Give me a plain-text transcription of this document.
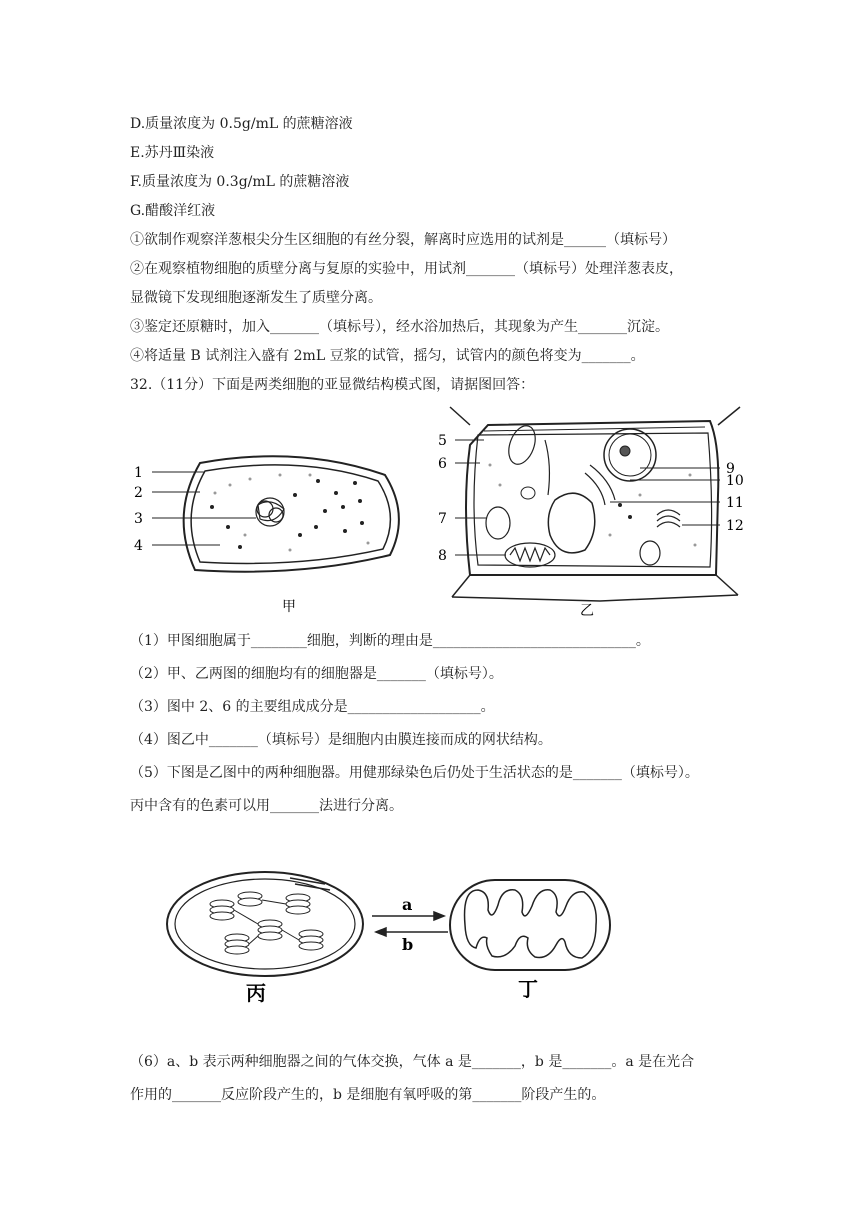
D.质量浓度为 0.5g/mL 的蔗糖溶液
E.苏丹Ⅲ染液
F.质量浓度为 0.3g/mL 的蔗糖溶液
G.醋酸洋红液
①欲制作观察洋葱根尖分生区细胞的有丝分裂，解离时应选用的试剂是______（填标号）
②在观察植物细胞的质壁分离与复原的实验中，用试剂_______（填标号）处理洋葱表皮，
显微镜下发现细胞逐渐发生了质壁分离。
③鉴定还原糖时，加入_______（填标号），经水浴加热后，其现象为产生_______沉淀。
④将适量 B 试剂注入盛有 2mL 豆浆的试管，摇匀，试管内的颜色将变为_______。
32.（11分）下面是两类细胞的亚显微结构模式图，请据图回答：
1
2
3
4
甲
5
6
7
8
9
10
11
12
乙
（1）甲图细胞属于________细胞，判断的理由是_____________________________。
（2）甲、乙两图的细胞均有的细胞器是_______（填标号）。
（3）图中 2、6 的主要组成成分是___________________。
（4）图乙中_______（填标号）是细胞内由膜连接而成的网状结构。
（5）下图是乙图中的两种细胞器。用健那绿染色后仍处于生活状态的是_______（填标号）。
丙中含有的色素可以用_______法进行分离。
a
b
丙	丁
（6）a、b 表示两种细胞器之间的气体交换，气体 a 是_______，b 是_______。a 是在光合
作用的_______反应阶段产生的，b 是细胞有氧呼吸的第_______阶段产生的。
